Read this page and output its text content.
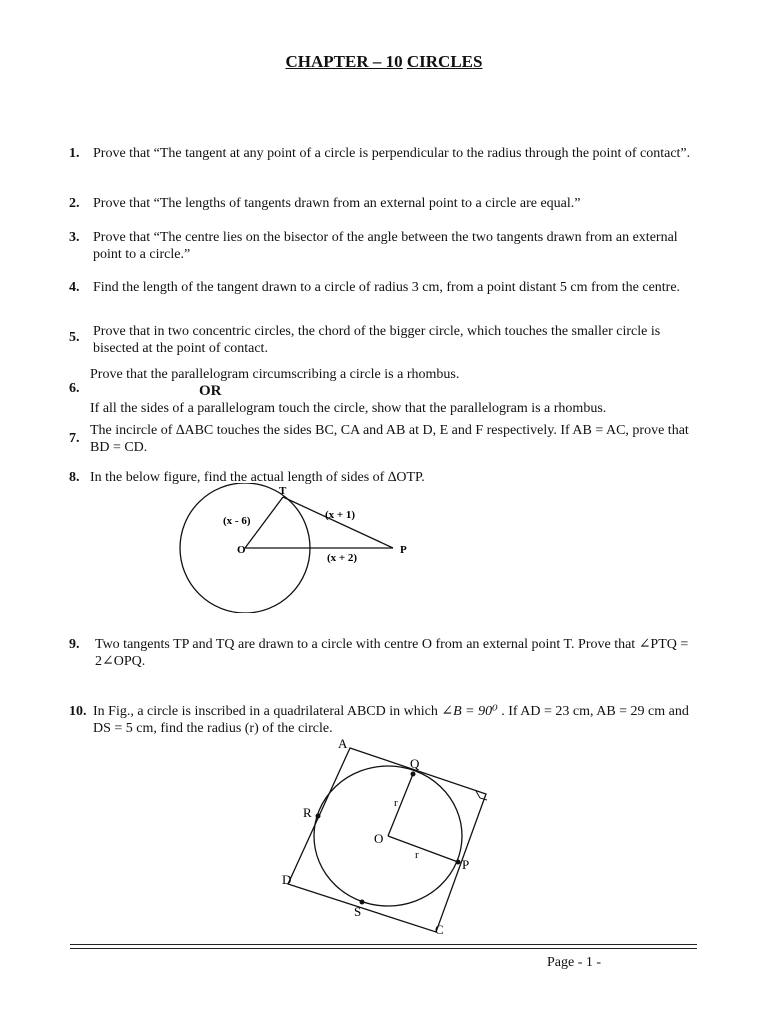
CHAPTER – 10 CIRCLES
1. Prove that “The tangent at any point of a circle is perpendicular to the radius through the point of contact”.
2. Prove that “The lengths of tangents drawn from an external point to a circle are equal.”
3. Prove that “The centre lies on the bisector of the angle between the two tangents drawn from an external point to a circle.”
4. Find the length of the tangent drawn to a circle of radius 3 cm, from a point distant 5 cm from the centre.
5. Prove that in two concentric circles, the chord of the bigger circle, which touches the smaller circle is bisected at the point of contact.
6.
Prove that the parallelogram circumscribing a circle is a rhombus.
OR
If all the sides of a parallelogram touch the circle, show that the parallelogram is a rhombus.
7.
The incircle of ∆ABC touches the sides BC, CA and AB at D, E and F respectively. If AB = AC, prove that BD = CD.
8. In the below figure, find the actual length of sides of ∆OTP.
T
O	P
(x - 6)	(x + 1)
(x + 2)
9. Two tangents TP and TQ are drawn to a circle with centre O from an external point T. Prove that ∠PTQ = 2∠OPQ.
10. In Fig., a circle is inscribed in a quadrilateral ABCD in which ∠B = 90⁰ . If AD = 23 cm, AB = 29 cm and DS = 5 cm, find the radius (r) of the circle.
A
Q
R
O
r
r
P
D
S
C
Page - 1 -
